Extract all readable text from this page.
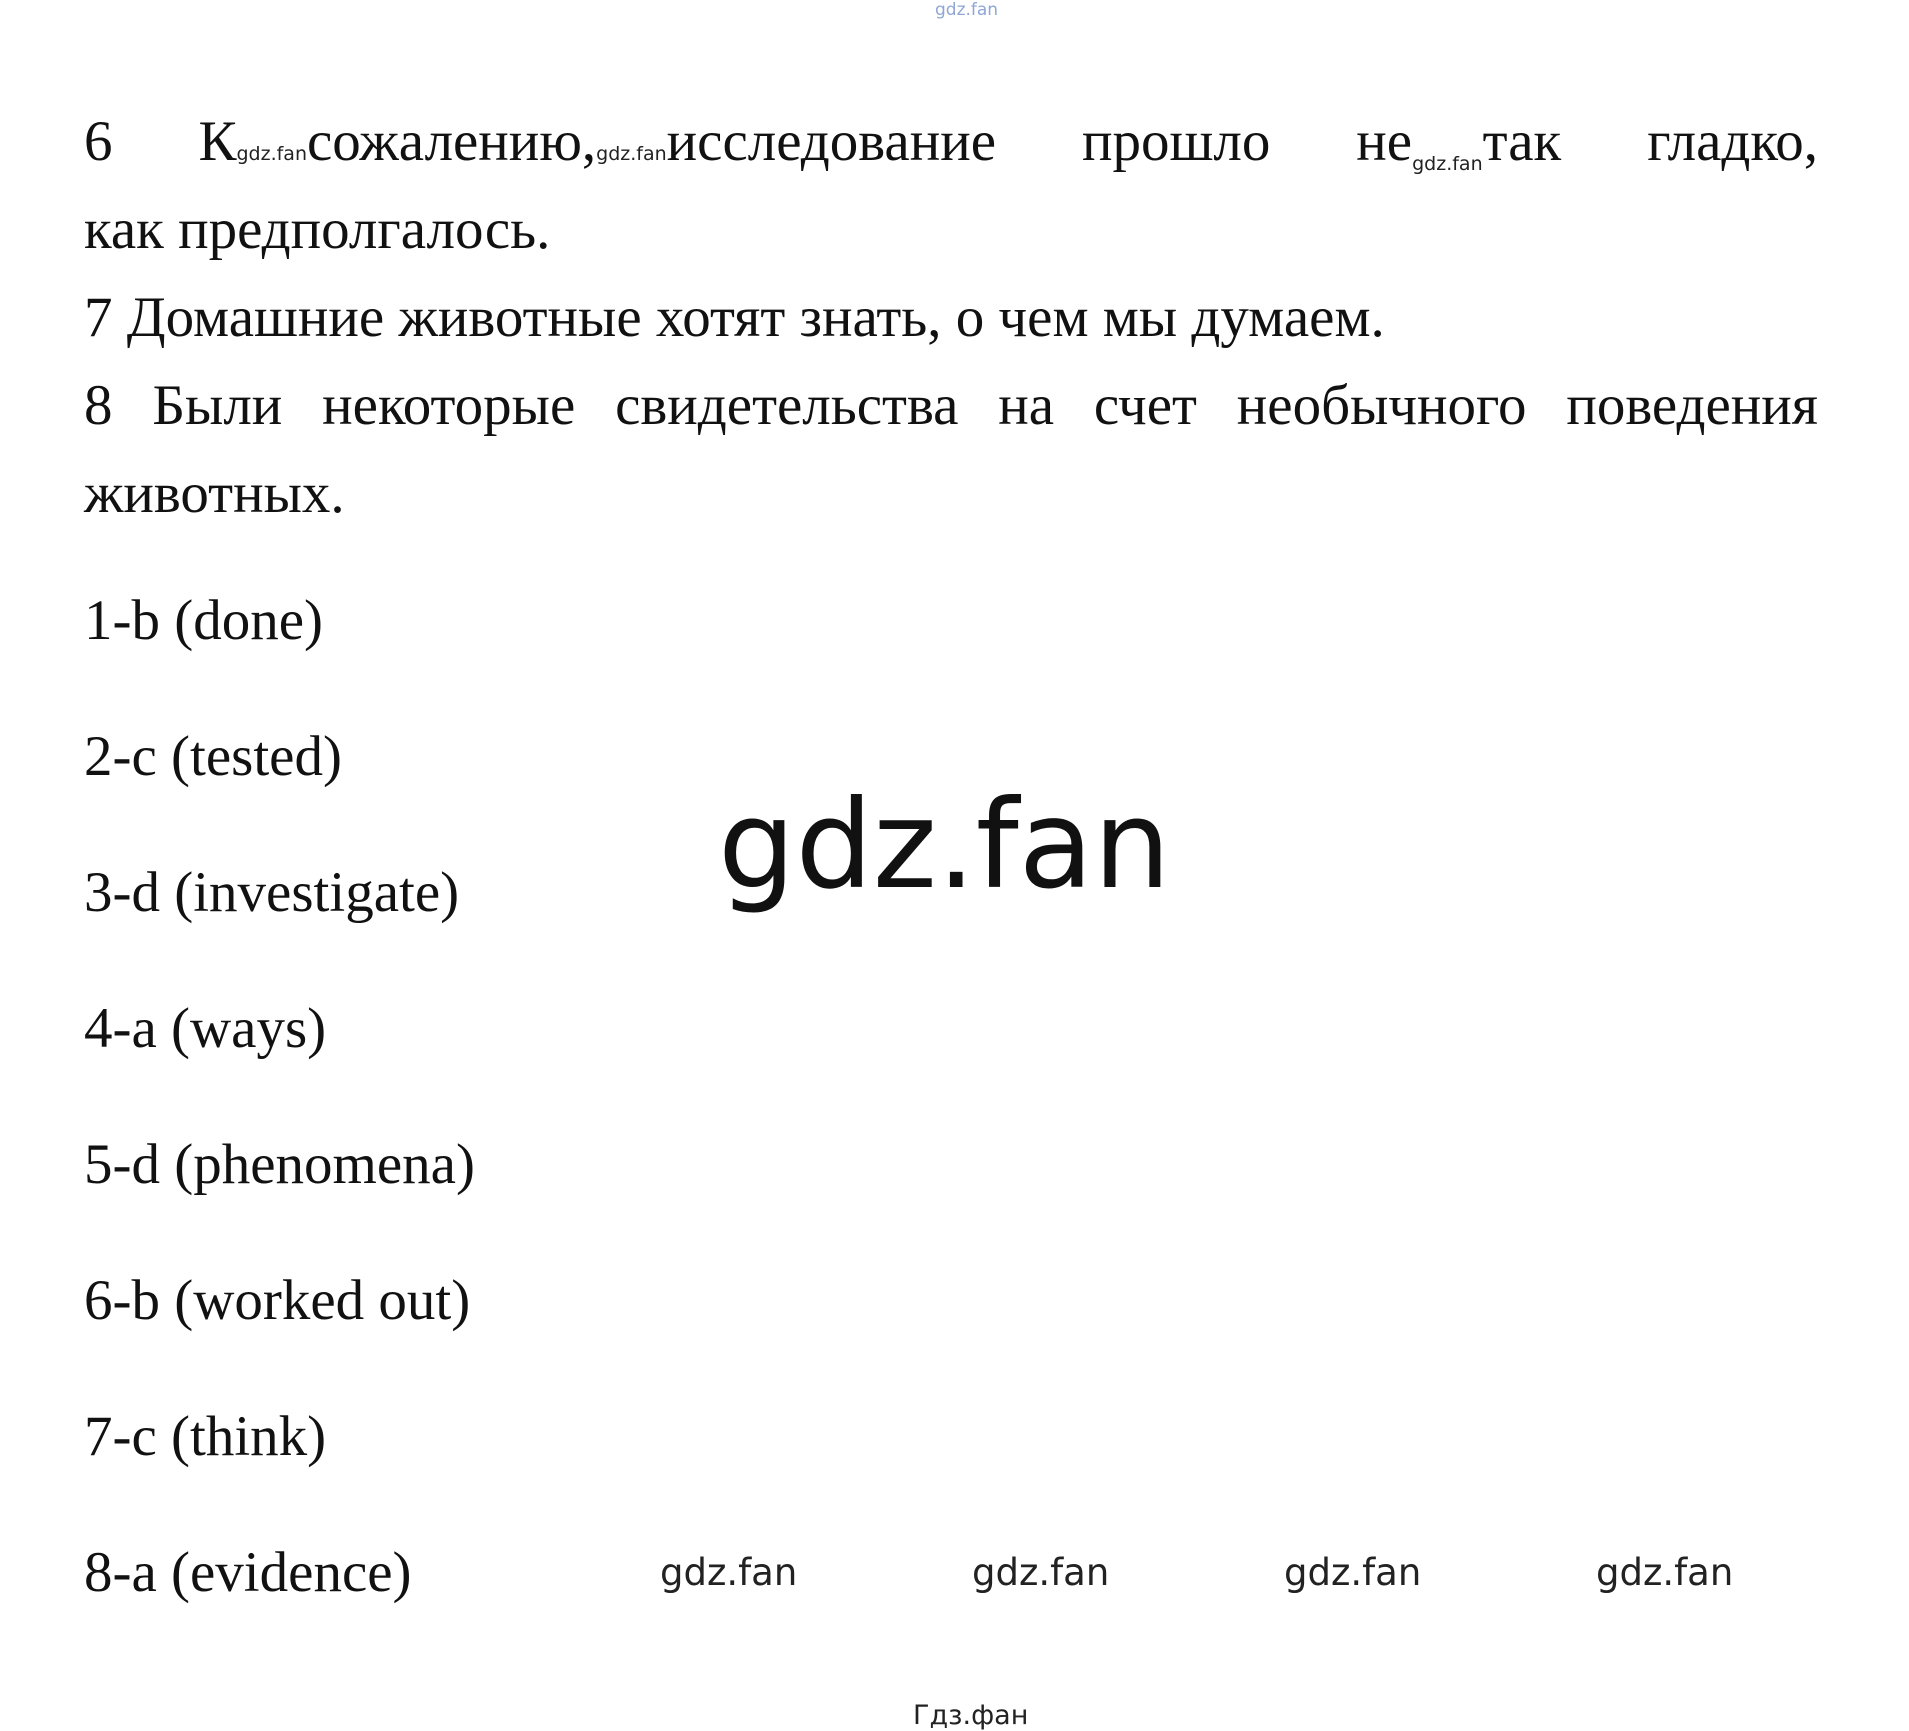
gdz.fan
6 Кgdz.fanсожалению,gdz.fanисследование прошло неgdz.fanтак гладко,
как предполгалось.
7 Домашние животные хотят знать, о чем мы думаем.
8 Были некоторые свидетельства на счет необычного поведения
животных.
1-b (done)
2-c (tested)
3-d (investigate)
4-a (ways)
5-d (phenomena)
6-b (worked out)
7-c (think)
8-a (evidence)
gdz.fan
gdz.fan	gdz.fan	gdz.fan	gdz.fan
Гдз.фан
